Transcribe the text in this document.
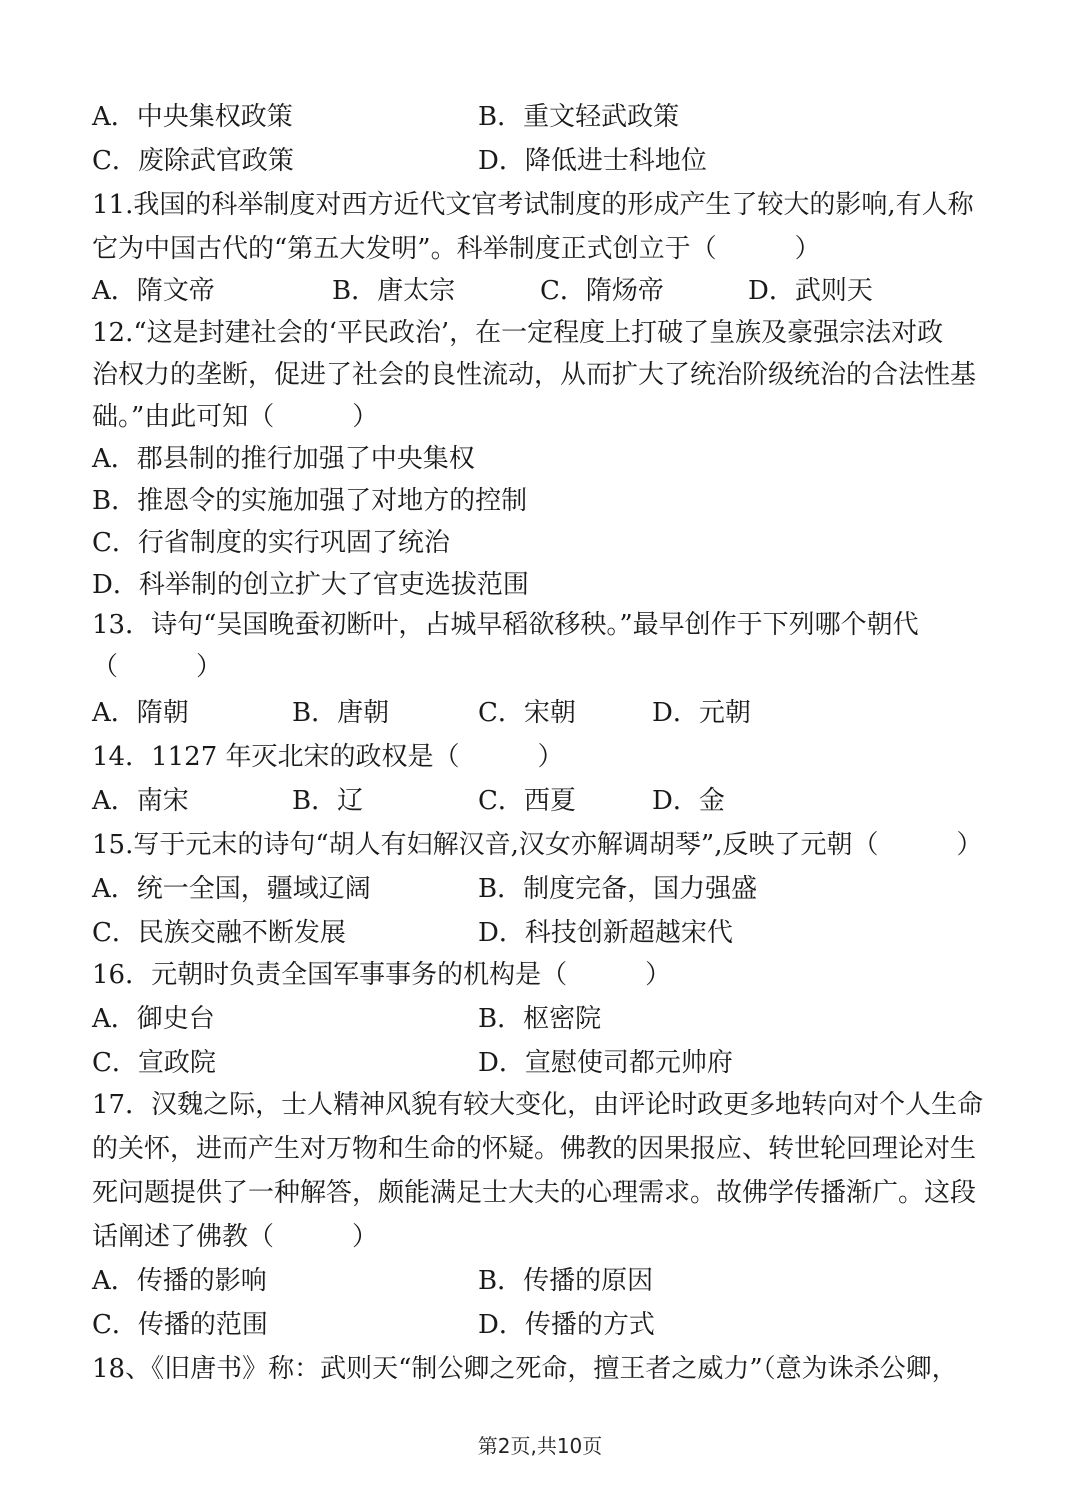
A．中央集权政策	B．重文轻武政策
C．废除武官政策	D．降低进士科地位
11.我国的科举制度对西方近代文官考试制度的形成产生了较大的影响,有人称
它为中国古代的“第五大发明”。科举制度正式创立于（　　　）
A．隋文帝	B．唐太宗	C．隋炀帝	D．武则天
12.“这是封建社会的‘平民政治’，在一定程度上打破了皇族及豪强宗法对政
治权力的垄断，促进了社会的良性流动，从而扩大了统治阶级统治的合法性基
础。”由此可知（　　　）
A．郡县制的推行加强了中央集权
B．推恩令的实施加强了对地方的控制
C．行省制度的实行巩固了统治
D．科举制的创立扩大了官吏选拔范围
13．诗句“吴国晚蚕初断叶，占城早稻欲移秧。”最早创作于下列哪个朝代
（　　　）
A．隋朝	B．唐朝	C．宋朝	D．元朝
14．1127 年灭北宋的政权是（　　　）
A．南宋	B．辽	C．西夏	D．金
15.写于元末的诗句“胡人有妇解汉音,汉女亦解调胡琴”,反映了元朝（　　　）
A．统一全国，疆域辽阔	B．制度完备，国力强盛
C．民族交融不断发展	D．科技创新超越宋代
16．元朝时负责全国军事事务的机构是（　　　）
A．御史台	B．枢密院
C．宣政院	D．宣慰使司都元帅府
17．汉魏之际，士人精神风貌有较大变化，由评论时政更多地转向对个人生命
的关怀，进而产生对万物和生命的怀疑。佛教的因果报应、转世轮回理论对生
死问题提供了一种解答，颇能满足士大夫的心理需求。故佛学传播渐广。这段
话阐述了佛教（　　　）
A．传播的影响	B．传播的原因
C．传播的范围	D．传播的方式
18、《旧唐书》称：武则天“制公卿之死命，擅王者之威力”（意为诛杀公卿，
第2页,共10页
